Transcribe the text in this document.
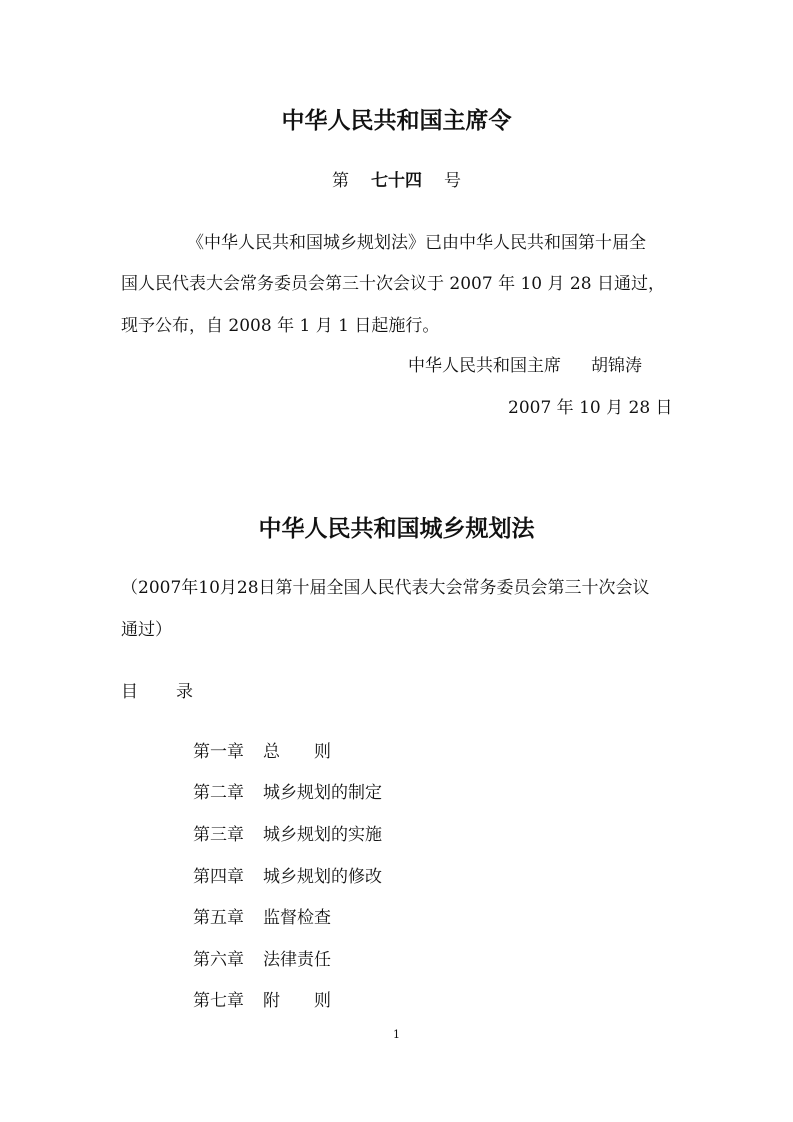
中华人民共和国主席令
第 七十四 号
《中华人民共和国城乡规划法》已由中华人民共和国第十届全
国人民代表大会常务委员会第三十次会议于 2007 年 10 月 28 日通过，
现予公布，自 2008 年 1 月 1 日起施行。
中华人民共和国主席 胡锦涛
2007 年 10 月 28 日
中华人民共和国城乡规划法
（2007年10月28日第十届全国人民代表大会常务委员会第三十次会议
通过）
目 录
第一章 总　　则
第二章 城乡规划的制定
第三章 城乡规划的实施
第四章 城乡规划的修改
第五章 监督检查
第六章 法律责任
第七章 附　　则
1
